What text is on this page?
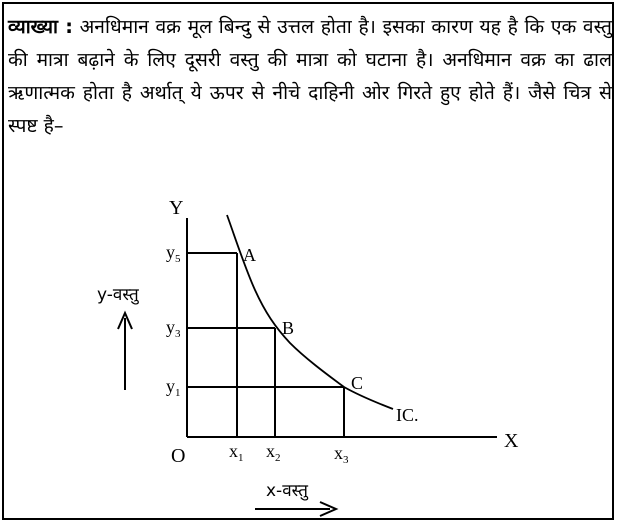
व्याख्या : अनधिमान वक्र मूल बिन्दु से उत्तल होता है। इसका कारण यह है कि एक वस्तु की मात्रा बढ़ाने के लिए दूसरी वस्तु की मात्रा को घटाना है। अनधिमान वक्र का ढाल ऋणात्मक होता है अर्थात् ये ऊपर से नीचे दाहिनी ओर गिरते हुए होते हैं। जैसे चित्र से स्पष्ट है–

Y
X
O
A
B
C
IC.
$y_5$
$y_3$
$y_1$
$x_1$ $x_2$	$x_3$
y-वस्तु
x-वस्तु
